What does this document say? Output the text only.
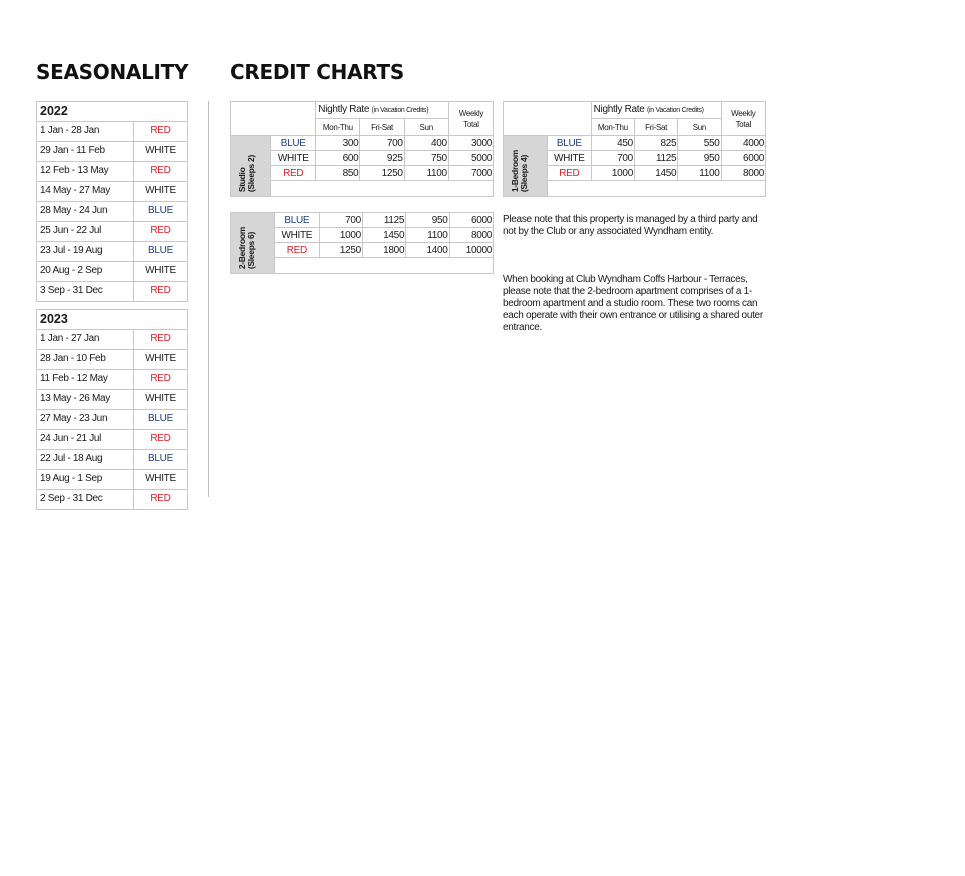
SEASONALITY CREDIT CHARTS
2022
1 Jan - 28 Jan	RED
29 Jan - 11 Feb	WHITE
12 Feb - 13 May	RED
14 May - 27 May	WHITE
28 May - 24 Jun	BLUE
25 Jun - 22 Jul	RED
23 Jul - 19 Aug	BLUE
20 Aug - 2 Sep	WHITE
3 Sep - 31 Dec	RED
2023
1 Jan - 27 Jan	RED
28 Jan - 10 Feb	WHITE
11 Feb - 12 May	RED
13 May - 26 May	WHITE
27 May - 23 Jun	BLUE
24 Jun - 21 Jul	RED
22 Jul - 18 Aug	BLUE
19 Aug - 1 Sep	WHITE
2 Sep - 31 Dec	RED
		Nightly Rate (in Vacation Credits)			Weekly
Total
		Mon-Thu	Fri-Sat	Sun	
Studio
(Sleeps 2)	BLUE	300	700	400	3000
	WHITE	600	925	750	5000
	RED	850	1250	1100	7000

		Nightly Rate (in Vacation Credits)			Weekly
Total
		Mon-Thu	Fri-Sat	Sun	
1-Bedroom
(Sleeps 4)	BLUE	450	825	550	4000
	WHITE	700	1125	950	6000
	RED	1000	1450	1100	8000

2-Bedroom
(Sleeps 6)	BLUE	700	1125	950	6000
	WHITE	1000	1450	1100	8000
	RED	1250	1800	1400	10000

Please note that this property is managed by a third party and not by the Club or any associated Wyndham entity.
When booking at Club Wyndham Coffs Harbour - Terraces, please note that the 2-bedroom apartment comprises of a 1-bedroom apartment and a studio room. These two rooms can each operate with their own entrance or utilising a shared outer entrance.
